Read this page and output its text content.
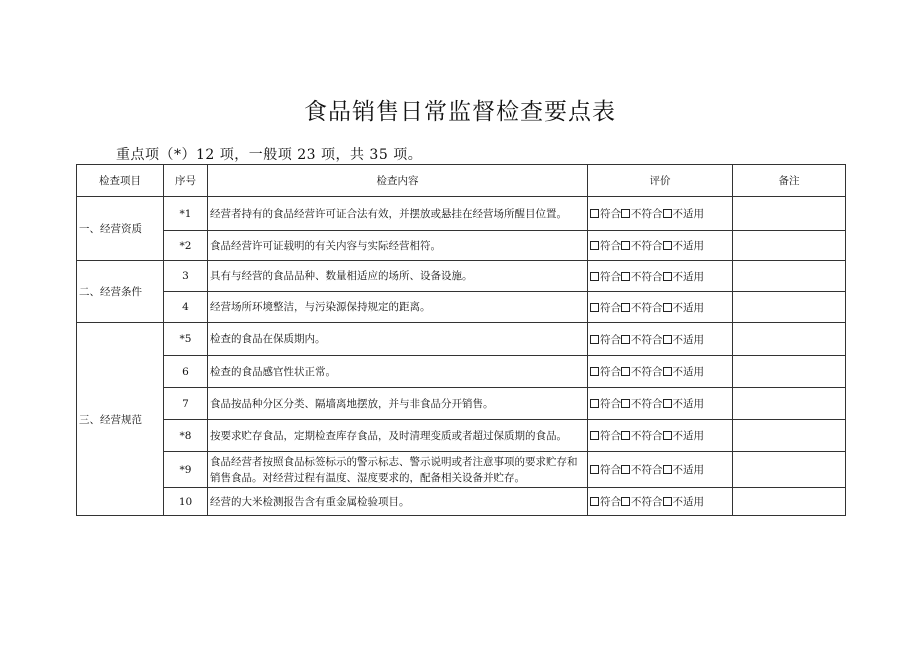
食品销售日常监督检查要点表
重点项（*）12 项，一般项 23 项，共 35 项。
检查项目	序号	检查内容	评价	备注
一、经营资质	*1	经营者持有的食品经营许可证合法有效，并摆放或悬挂在经营场所醒目位置。	符合 不符合 不适用	
	*2	食品经营许可证载明的有关内容与实际经营相符。	符合 不符合 不适用	
二、经营条件	3	具有与经营的食品品种、数量相适应的场所、设备设施。	符合 不符合 不适用	
	4	经营场所环境整洁，与污染源保持规定的距离。	符合 不符合 不适用	
三、经营规范	*5	检查的食品在保质期内。	符合 不符合 不适用	
	6	检查的食品感官性状正常。	符合 不符合 不适用	
	7	食品按品种分区分类、隔墙离地摆放，并与非食品分开销售。	符合 不符合 不适用	
	*8	按要求贮存食品，定期检查库存食品，及时清理变质或者超过保质期的食品。	符合 不符合 不适用	
	*9	食品经营者按照食品标签标示的警示标志、警示说明或者注意事项的要求贮存和销售食品。对经营过程有温度、湿度要求的，配备相关设备并贮存。	符合 不符合 不适用	
	10	经营的大米检测报告含有重金属检验项目。	符合 不符合 不适用	
